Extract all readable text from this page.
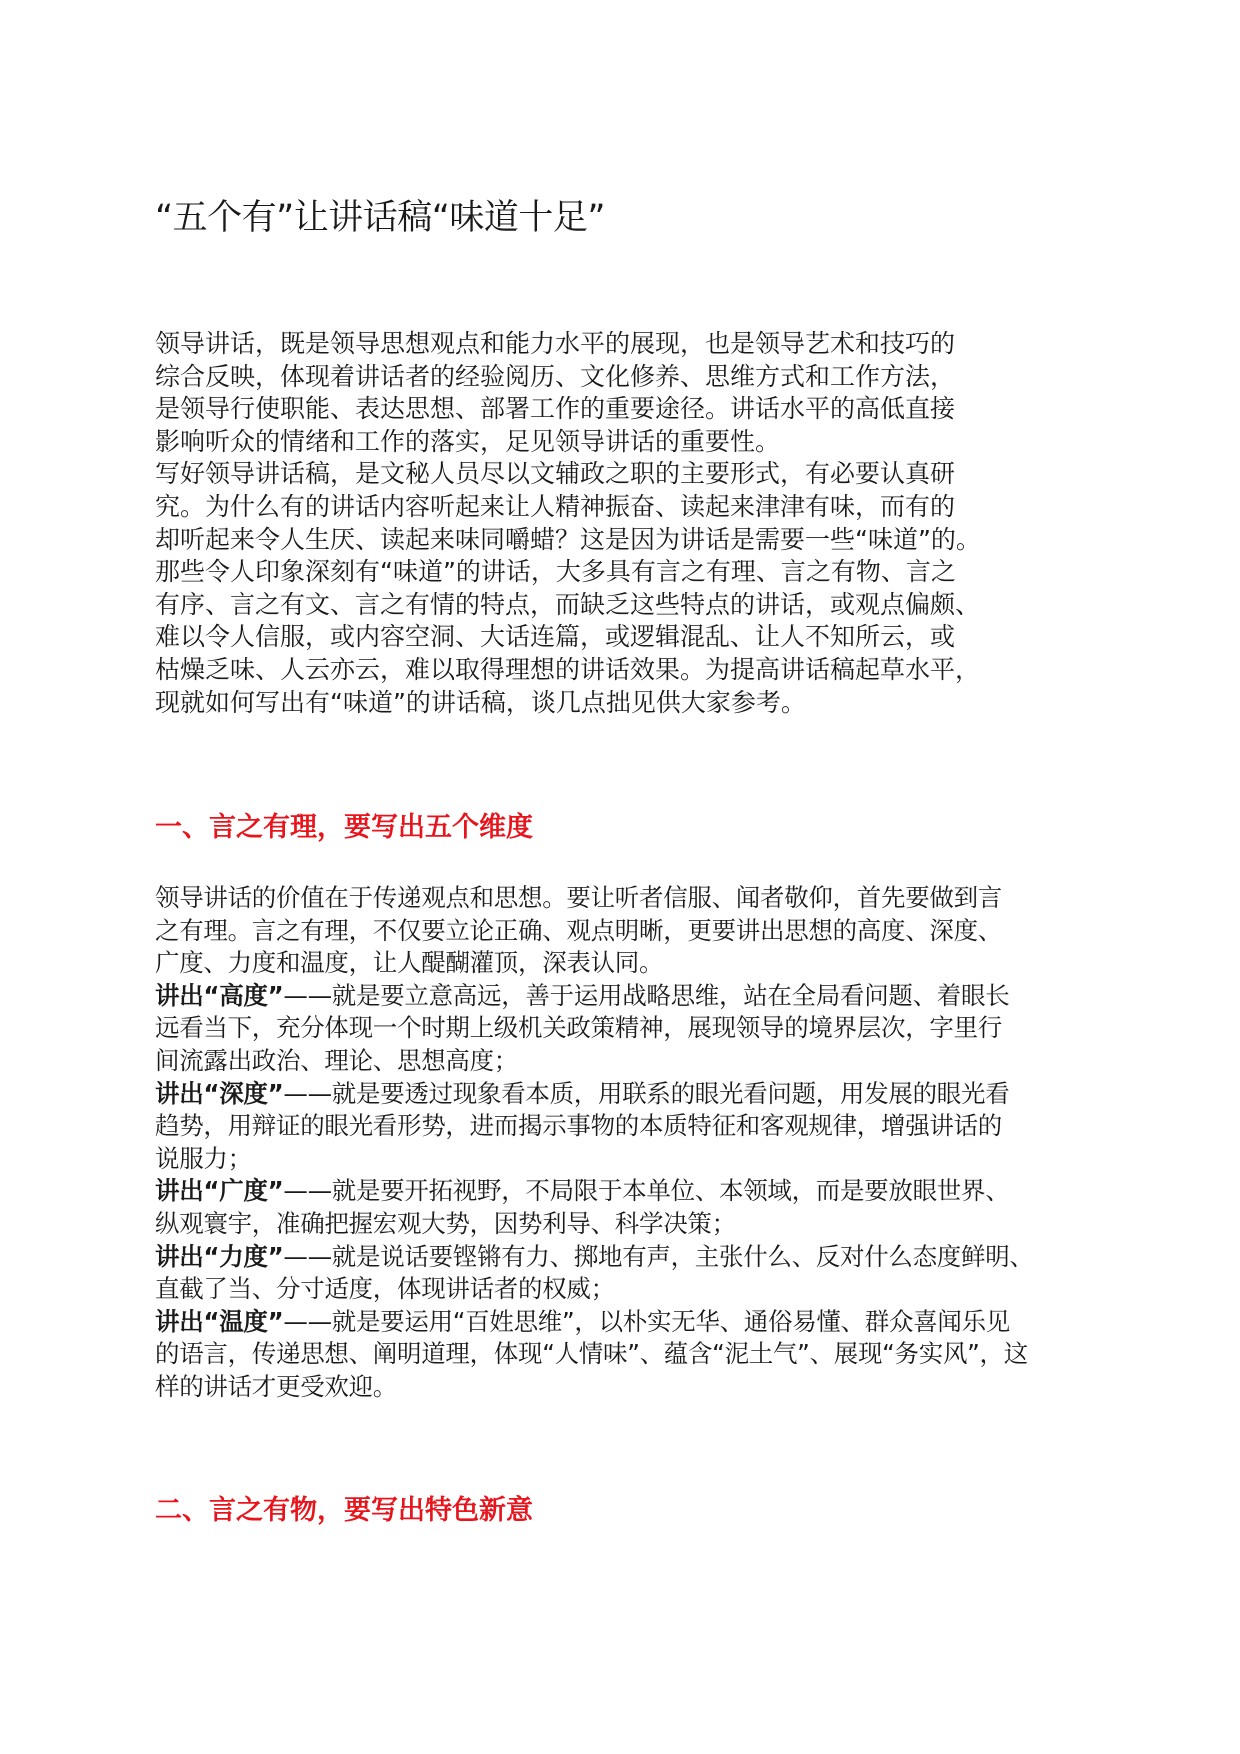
“五个有”让讲话稿“味道十足”

领导讲话，既是领导思想观点和能力水平的展现，也是领导艺术和技巧的
综合反映，体现着讲话者的经验阅历、文化修养、思维方式和工作方法，
是领导行使职能、表达思想、部署工作的重要途径。讲话水平的高低直接
影响听众的情绪和工作的落实，足见领导讲话的重要性。

写好领导讲话稿，是文秘人员尽以文辅政之职的主要形式，有必要认真研
究。为什么有的讲话内容听起来让人精神振奋、读起来津津有味，而有的
却听起来令人生厌、读起来味同嚼蜡？这是因为讲话是需要一些“味道”的。
那些令人印象深刻有“味道”的讲话，大多具有言之有理、言之有物、言之
有序、言之有文、言之有情的特点，而缺乏这些特点的讲话，或观点偏颇、
难以令人信服，或内容空洞、大话连篇，或逻辑混乱、让人不知所云，或
枯燥乏味、人云亦云，难以取得理想的讲话效果。为提高讲话稿起草水平，
现就如何写出有“味道”的讲话稿，谈几点拙见供大家参考。

一、言之有理，要写出五个维度

领导讲话的价值在于传递观点和思想。要让听者信服、闻者敬仰，首先要做到言
之有理。言之有理，不仅要立论正确、观点明晰，更要讲出思想的高度、深度、
广度、力度和温度，让人醍醐灌顶，深表认同。

讲出“高度”——就是要立意高远，善于运用战略思维，站在全局看问题、着眼长
远看当下，充分体现一个时期上级机关政策精神，展现领导的境界层次，字里行
间流露出政治、理论、思想高度；

讲出“深度”——就是要透过现象看本质，用联系的眼光看问题，用发展的眼光看
趋势，用辩证的眼光看形势，进而揭示事物的本质特征和客观规律，增强讲话的
说服力；

讲出“广度”——就是要开拓视野，不局限于本单位、本领域，而是要放眼世界、
纵观寰宇，准确把握宏观大势，因势利导、科学决策；

讲出“力度”——就是说话要铿锵有力、掷地有声，主张什么、反对什么态度鲜明、
直截了当、分寸适度，体现讲话者的权威；

讲出“温度”——就是要运用“百姓思维”，以朴实无华、通俗易懂、群众喜闻乐见
的语言，传递思想、阐明道理，体现“人情味”、蕴含“泥土气”、展现“务实风”，这
样的讲话才更受欢迎。

二、言之有物，要写出特色新意
